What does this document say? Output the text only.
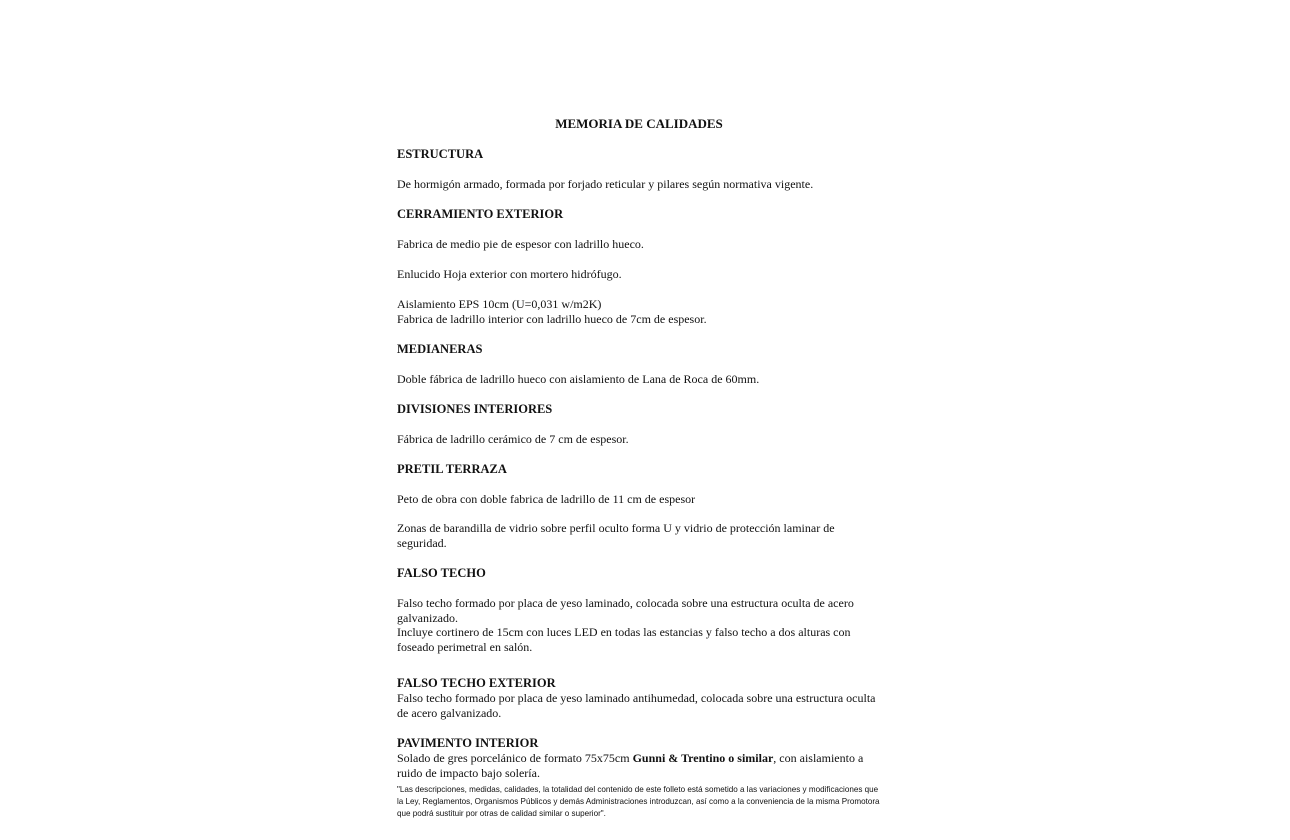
MEMORIA DE CALIDADES
ESTRUCTURA

De hormigón armado, formada por forjado reticular y pilares según normativa vigente.

CERRAMIENTO EXTERIOR

Fabrica de medio pie de espesor con ladrillo hueco.

Enlucido Hoja exterior con mortero hidrófugo.

Aislamiento EPS 10cm (U=0,031 w/m2K)

Fabrica de ladrillo interior con ladrillo hueco de 7cm de espesor.

MEDIANERAS

Doble fábrica de ladrillo hueco con aislamiento de Lana de Roca de 60mm.

DIVISIONES INTERIORES

Fábrica de ladrillo cerámico de 7 cm de espesor.

PRETIL TERRAZA

Peto de obra con doble fabrica de ladrillo de 11 cm de espesor

Zonas de barandilla de vidrio sobre perfil oculto forma U y vidrio de protección laminar de seguridad.

FALSO TECHO

Falso techo formado por placa de yeso laminado, colocada sobre una estructura oculta de acero galvanizado.

Incluye cortinero de 15cm con luces LED en todas las estancias y falso techo a dos alturas con foseado perimetral en salón.

FALSO TECHO EXTERIOR

Falso techo formado por placa de yeso laminado antihumedad, colocada sobre una estructura oculta de acero galvanizado.

PAVIMENTO INTERIOR

Solado de gres porcelánico de formato 75x75cm Gunni & Trentino o similar, con aislamiento a ruido de impacto bajo solería.

"Las descripciones, medidas, calidades, la totalidad del contenido de este folleto está sometido a las variaciones y modificaciones que la Ley, Reglamentos, Organismos Públicos y demás Administraciones introduzcan, así como a la conveniencia de la misma Promotora que podrá sustituir por otras de calidad similar o superior".
